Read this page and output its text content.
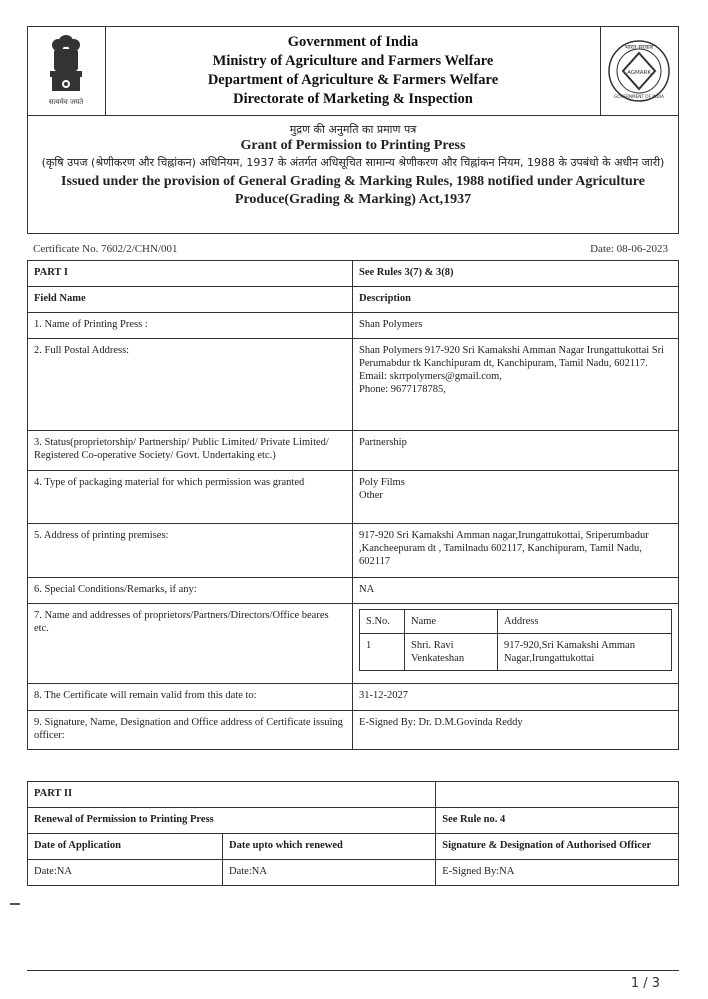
सत्यमेव जयते
Government of India
Ministry of Agriculture and Farmers Welfare
Department of Agriculture & Farmers Welfare
Directorate of Marketing & Inspection
AGMARK
भारत सरकार
GOVERNMENT OF INDIA
मुद्रण की अनुमति का प्रमाण पत्र
Grant of Permission to Printing Press
(कृषि उपज (श्रेणीकरण और चिह्नांकन) अधिनियम, 1937 के अंतर्गत अधिसूचित सामान्य श्रेणीकरण और चिह्नांकन नियम, 1988 के उपबंधो के अधीन जारी)
Issued under the provision of General Grading & Marking Rules, 1988 notified under Agriculture Produce(Grading & Marking) Act,1937
Certificate No. 7602/2/CHN/001	Date: 08-06-2023
PART I	See Rules 3(7) & 3(8)
Field Name	Description
1. Name of Printing Press :	Shan Polymers
2. Full Postal Address:	Shan Polymers 917-920 Sri Kamakshi Amman Nagar Irungattukottai Sri Perumabdur tk Kanchipuram dt, Kanchipuram, Tamil Nadu, 602117.
Email: skrrpolymers@gmail.com,
Phone: 9677178785,

3. Status(proprietorship/ Partnership/ Public Limited/ Private Limited/ Registered Co-operative Society/ Govt. Undertaking etc.)	Partnership
4. Type of packaging material for which permission was granted	Poly Films
Other

5. Address of printing premises:	917-920 Sri Kamakshi Amman nagar,Irungattukottai, Sriperumbadur ,Kancheepuram dt , Tamilnadu 602117, Kanchipuram, Tamil Nadu, 602117
6. Special Conditions/Remarks, if any:	NA
7. Name and addresses of proprietors/Partners/Directors/Office beares etc.	
S.No.	Name	Address
1	Shri. Ravi Venkateshan	917-920,Sri Kamakshi Amman Nagar,Irungattukottai

8. The Certificate will remain valid from this date to:	31-12-2027
9. Signature, Name, Designation and Office address of Certificate issuing officer:	E-Signed By: Dr. D.M.Govinda Reddy
PART II		
Renewal of Permission to Printing Press		See Rule no. 4
Date of Application	Date upto which renewed	Signature & Designation of Authorised Officer
Date:NA	Date:NA	E-Signed By:NA
1 / 3
